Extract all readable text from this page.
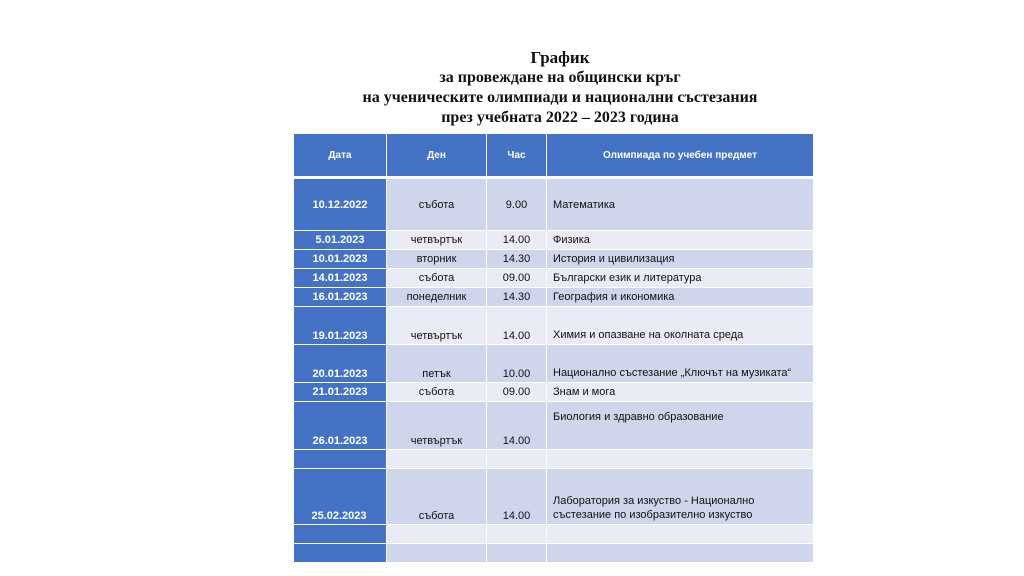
График
за провеждане на общински кръг
на ученическите олимпиади и национални състезания
през учебната 2022 – 2023 година
Дата	Ден	Час	Олимпиада по учебен предмет
10.12.2022	събота	9.00	Математика
5.01.2023	четвъртък	14.00	Физика
10.01.2023	вторник	14.30	История и цивилизация
14.01.2023	събота	09.00	Български език и литература
16.01.2023	понеделник	14.30	География и икономика
19.01.2023	четвъртък	14.00	Химия и опазване на околната среда
20.01.2023	петък	10.00	Национално състезание „Ключът на музиката“
21.01.2023	събота	09.00	Знам и мога
26.01.2023	четвъртък	14.00	Биология и здравно образование

25.02.2023	събота	14.00	Лаборатория за изкуство - Национално състезание по изобразително изкуство
